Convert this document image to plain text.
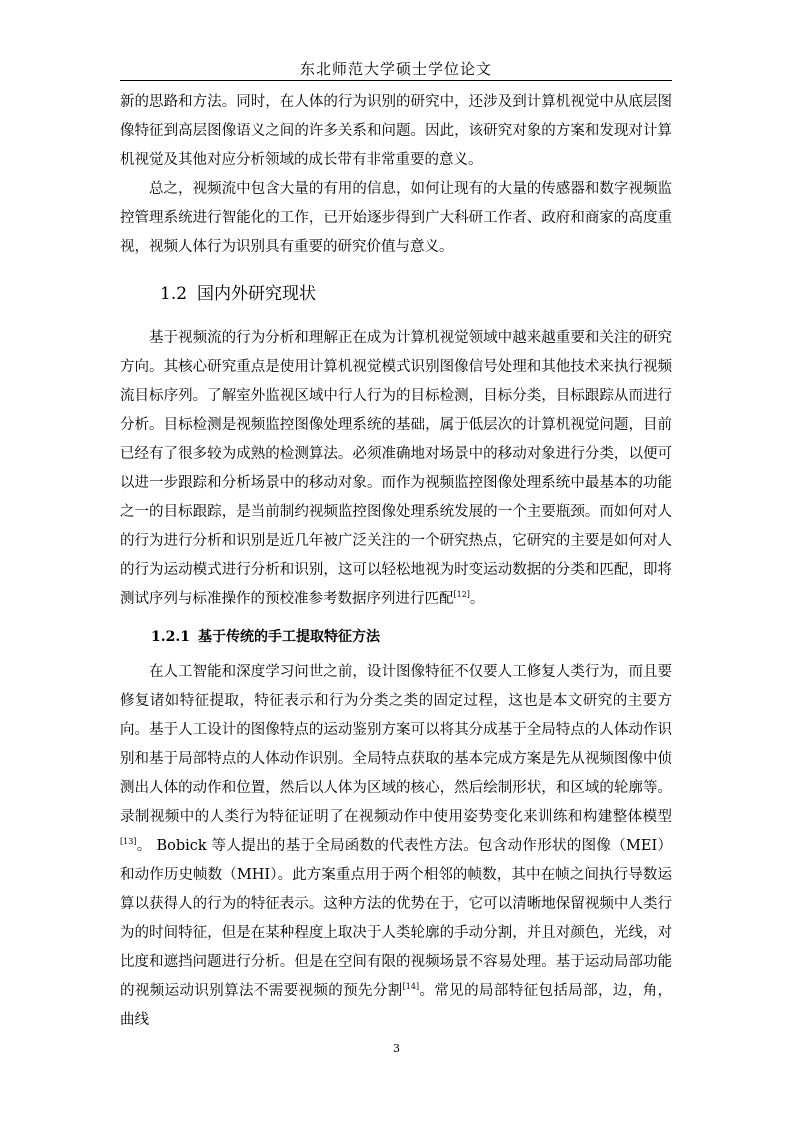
东北师范大学硕士学位论文

新的思路和方法。同时，在人体的行为识别的研究中，还涉及到计算机视觉中从底层图像特征到高层图像语义之间的许多关系和问题。因此，该研究对象的方案和发现对计算机视觉及其他对应分析领域的成长带有非常重要的意义。

总之，视频流中包含大量的有用的信息，如何让现有的大量的传感器和数字视频监控管理系统进行智能化的工作，已开始逐步得到广大科研工作者、政府和商家的高度重视，视频人体行为识别具有重要的研究价值与意义。

1.2 国内外研究现状

基于视频流的行为分析和理解正在成为计算机视觉领域中越来越重要和关注的研究方向。其核心研究重点是使用计算机视觉模式识别图像信号处理和其他技术来执行视频流目标序列。了解室外监视区域中行人行为的目标检测，目标分类，目标跟踪从而进行分析。目标检测是视频监控图像处理系统的基础，属于低层次的计算机视觉问题，目前已经有了很多较为成熟的检测算法。必须准确地对场景中的移动对象进行分类，以便可以进一步跟踪和分析场景中的移动对象。而作为视频监控图像处理系统中最基本的功能之一的目标跟踪，是当前制约视频监控图像处理系统发展的一个主要瓶颈。而如何对人的行为进行分析和识别是近几年被广泛关注的一个研究热点，它研究的主要是如何对人的行为运动模式进行分析和识别，这可以轻松地视为时变运动数据的分类和匹配，即将测试序列与标准操作的预校准参考数据序列进行匹配[12]。

1.2.1 基于传统的手工提取特征方法

在人工智能和深度学习问世之前，设计图像特征不仅要人工修复人类行为，而且要修复诸如特征提取，特征表示和行为分类之类的固定过程，这也是本文研究的主要方向。基于人工设计的图像特点的运动鉴别方案可以将其分成基于全局特点的人体动作识别和基于局部特点的人体动作识别。全局特点获取的基本完成方案是先从视频图像中侦测出人体的动作和位置，然后以人体为区域的核心，然后绘制形状，和区域的轮廓等。录制视频中的人类行为特征证明了在视频动作中使用姿势变化来训练和构建整体模型[13]。 Bobick 等人提出的基于全局函数的代表性方法。包含动作形状的图像（MEI）和动作历史帧数（MHI）。此方案重点用于两个相邻的帧数，其中在帧之间执行导数运算以获得人的行为的特征表示。这种方法的优势在于，它可以清晰地保留视频中人类行为的时间特征，但是在某种程度上取决于人类轮廓的手动分割，并且对颜色，光线，对比度和遮挡问题进行分析。但是在空间有限的视频场景不容易处理。基于运动局部功能的视频运动识别算法不需要视频的预先分割[14]。常见的局部特征包括局部，边，角，曲线

3
